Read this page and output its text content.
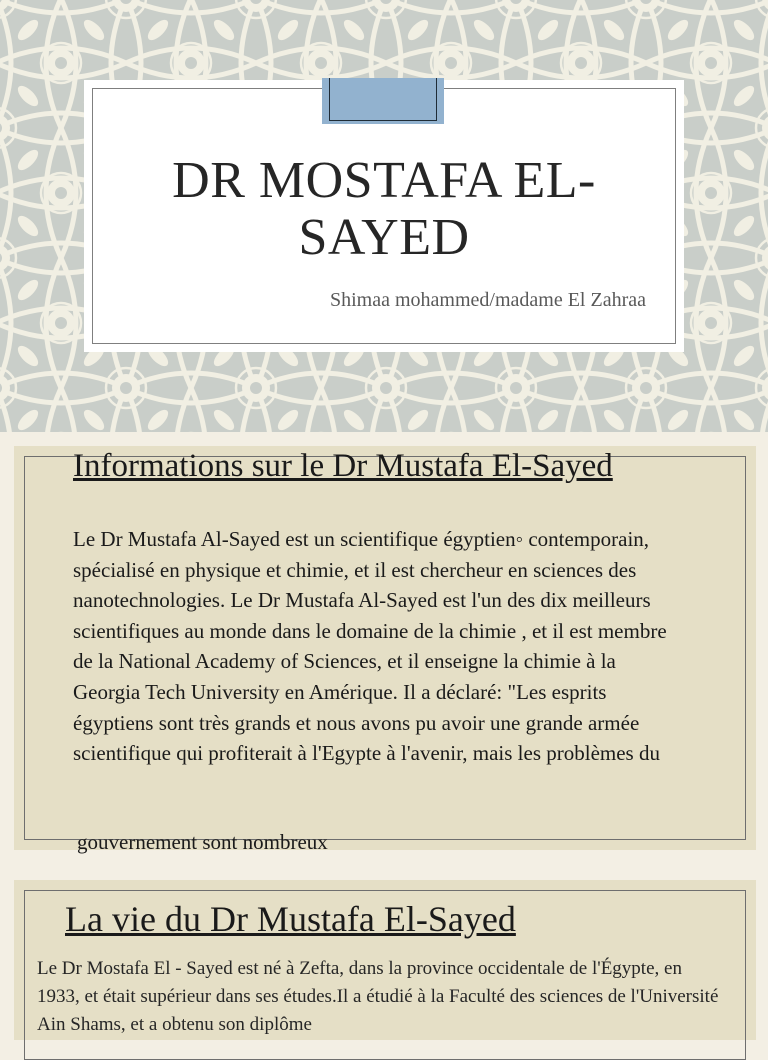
DR MOSTAFA EL-
SAYED
Shimaa mohammed/madame El Zahraa
Informations sur le Dr Mustafa El-Sayed

Le Dr Mustafa Al-Sayed est un scientifique égyptien◦ contemporain, spécialisé en physique et chimie, et il est chercheur en sciences des nanotechnologies. Le Dr Mustafa Al-Sayed est l'un des dix meilleurs scientifiques au monde dans le domaine de la chimie , et il est membre de la National Academy of Sciences, et il enseigne la chimie à la Georgia Tech University en Amérique. Il a déclaré: "Les esprits égyptiens sont très grands et nous avons pu avoir une grande armée scientifique qui profiterait à l'Egypte à l'avenir, mais les problèmes du

gouvernement sont nombreux
La vie du Dr Mustafa El-Sayed

Le Dr Mostafa El - Sayed est né à Zefta, dans la province occidentale de l'Égypte, en 1933, et était supérieur dans ses études.Il a étudié à la Faculté des sciences de l'Université Ain Shams, et a obtenu son diplôme
